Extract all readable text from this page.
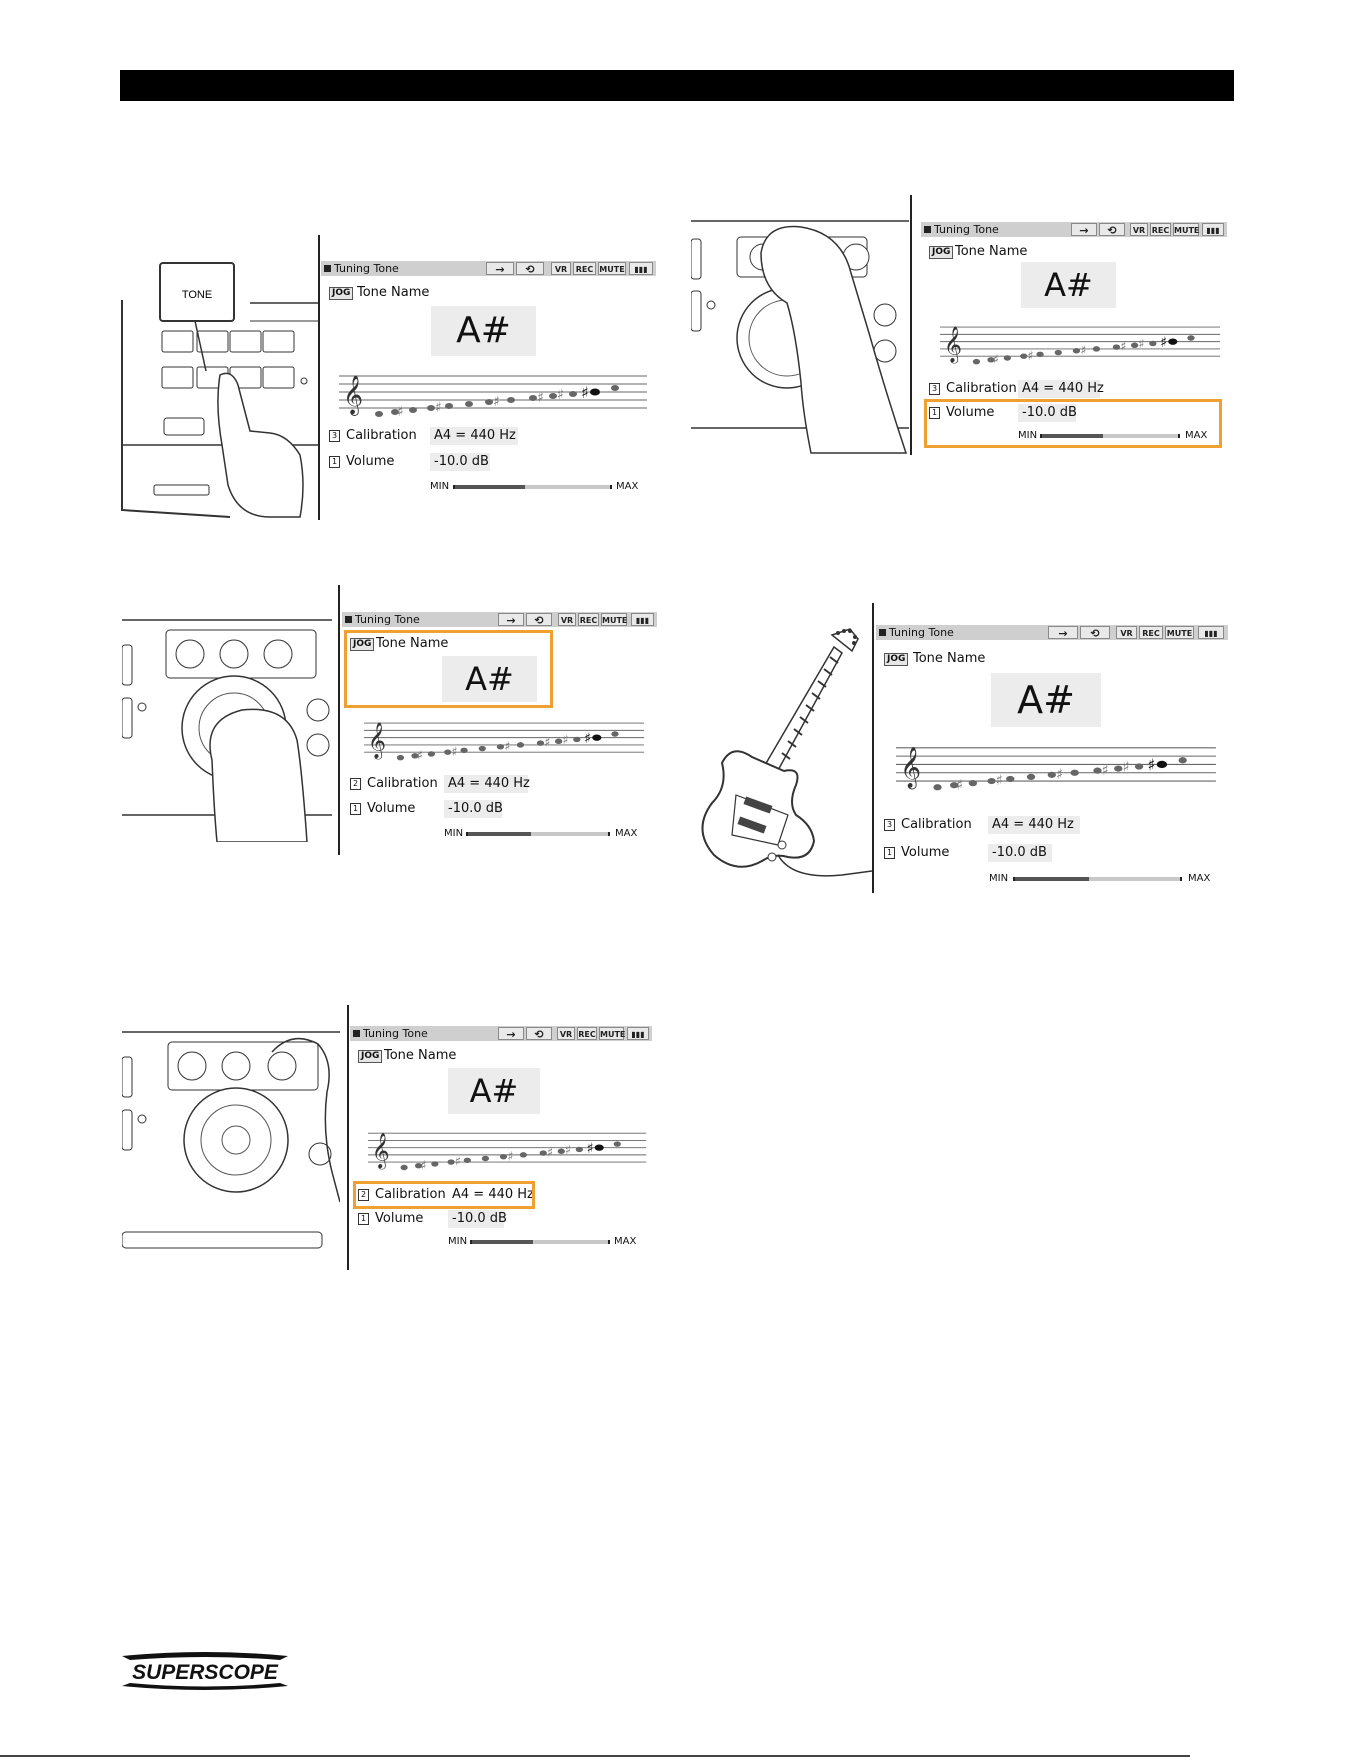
TONE
Tuning Tone	→	⟲	VR	REC MUTE	▮▮▮
JOG Tone Name
A#
𝄞 ♯ ♯	♯	♯ ♯ ♯
3 Calibration	A4 = 440 Hz
1 Volume	-10.0 dB
MIN	MAX
Tuning Tone	→	⟲	VR REC MUTE ▮▮▮
JOG Tone Name
A#
𝄞 ♯ ♯	♯ ♯ ♯ ♯
3 Calibration A4 = 440 Hz
1 Volume	-10.0 dB
MIN	MAX
Tuning Tone	→	⟲	VR REC MUTE	▮▮▮
JOG Tone Name
A#
𝄞 ♯ ♯	♯ ♯ ♯ ♯
2 Calibration A4 = 440 Hz
1 Volume	-10.0 dB
MIN	MAX
Tuning Tone	→	⟲	VR	REC MUTE	▮▮▮
JOG Tone Name
A#
𝄞	♯ ♯	♯	♯ ♯ ♯
3 Calibration	A4 = 440 Hz
1 Volume	-10.0 dB
MIN	MAX
Tuning Tone	→	⟲	VR REC MUTE ▮▮▮
JOG Tone Name
A#
𝄞 ♯ ♯	♯ ♯ ♯ ♯
2 Calibration A4 = 440 Hz
1 Volume	-10.0 dB
MIN	MAX
SUPERSCOPE
